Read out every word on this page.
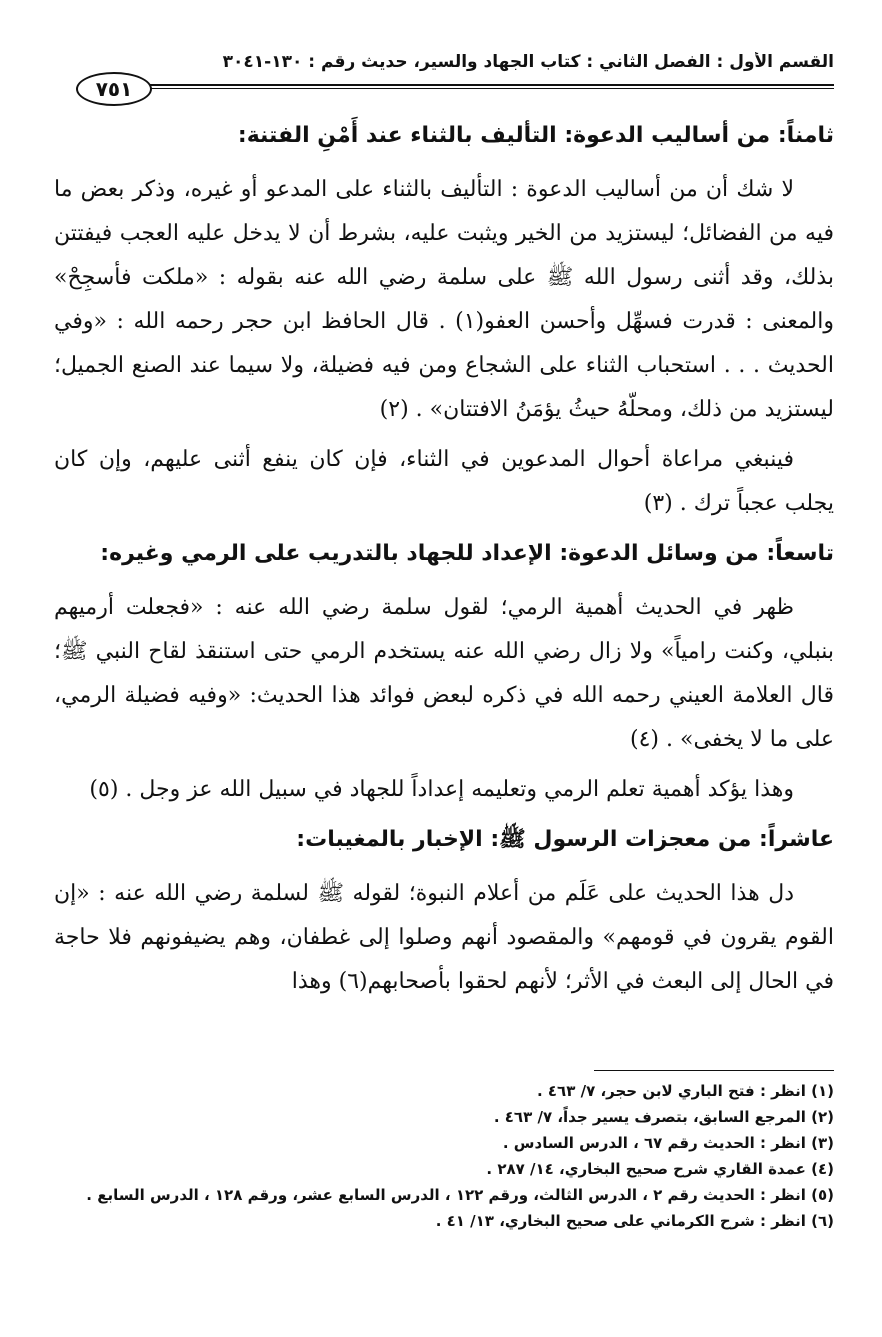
القسم الأول : الفصل الثاني : كتاب الجهاد والسير، حديث رقم : ١٣٠-٣٠٤١
٧٥١
ثامناً: من أساليب الدعوة: التأليف بالثناء عند أَمْنِ الفتنة:

لا شك أن من أساليب الدعوة : التأليف بالثناء على المدعو أو غيره، وذكر بعض ما فيه من الفضائل؛ ليستزيد من الخير ويثبت عليه، بشرط أن لا يدخل عليه العجب فيفتتن بذلك، وقد أثنى رسول الله ﷺ على سلمة رضي الله عنه بقوله : «ملكت فأسجِحْ» والمعنى : قدرت فسهِّل وأحسن العفو(١) . قال الحافظ ابن حجر رحمه الله : «وفي الحديث . . . استحباب الثناء على الشجاع ومن فيه فضيلة، ولا سيما عند الصنع الجميل؛ ليستزيد من ذلك، ومحلّهُ حيثُ يؤمَنُ الافتتان» . (٢)

فينبغي مراعاة أحوال المدعوين في الثناء، فإن كان ينفع أثنى عليهم، وإن كان يجلب عجباً ترك . (٣)

تاسعاً: من وسائل الدعوة: الإعداد للجهاد بالتدريب على الرمي وغيره:

ظهر في الحديث أهمية الرمي؛ لقول سلمة رضي الله عنه : «فجعلت أرميهم بنبلي، وكنت رامياً» ولا زال رضي الله عنه يستخدم الرمي حتى استنقذ لقاح النبي ﷺ؛ قال العلامة العيني رحمه الله في ذكره لبعض فوائد هذا الحديث: «وفيه فضيلة الرمي، على ما لا يخفى» . (٤)

وهذا يؤكد أهمية تعلم الرمي وتعليمه إعداداً للجهاد في سبيل الله عز وجل . (٥)

عاشراً: من معجزات الرسول ﷺ: الإخبار بالمغيبات:

دل هذا الحديث على عَلَم من أعلام النبوة؛ لقوله ﷺ لسلمة رضي الله عنه : «إن القوم يقرون في قومهم» والمقصود أنهم وصلوا إلى غطفان، وهم يضيفونهم فلا حاجة في الحال إلى البعث في الأثر؛ لأنهم لحقوا بأصحابهم(٦) وهذا

(١) انظر : فتح الباري لابن حجر، ٧/ ٤٦٣ .

(٢) المرجع السابق، بتصرف يسير جداً، ٧/ ٤٦٣ .

(٣) انظر : الحديث رقم ٦٧ ، الدرس السادس .

(٤) عمدة القاري شرح صحيح البخاري، ١٤/ ٢٨٧ .

(٥) انظر : الحديث رقم ٢ ، الدرس الثالث، ورقم ١٢٢ ، الدرس السابع عشر، ورقم ١٢٨ ، الدرس السابع .

(٦) انظر : شرح الكرماني على صحيح البخاري، ١٣/ ٤١ .
